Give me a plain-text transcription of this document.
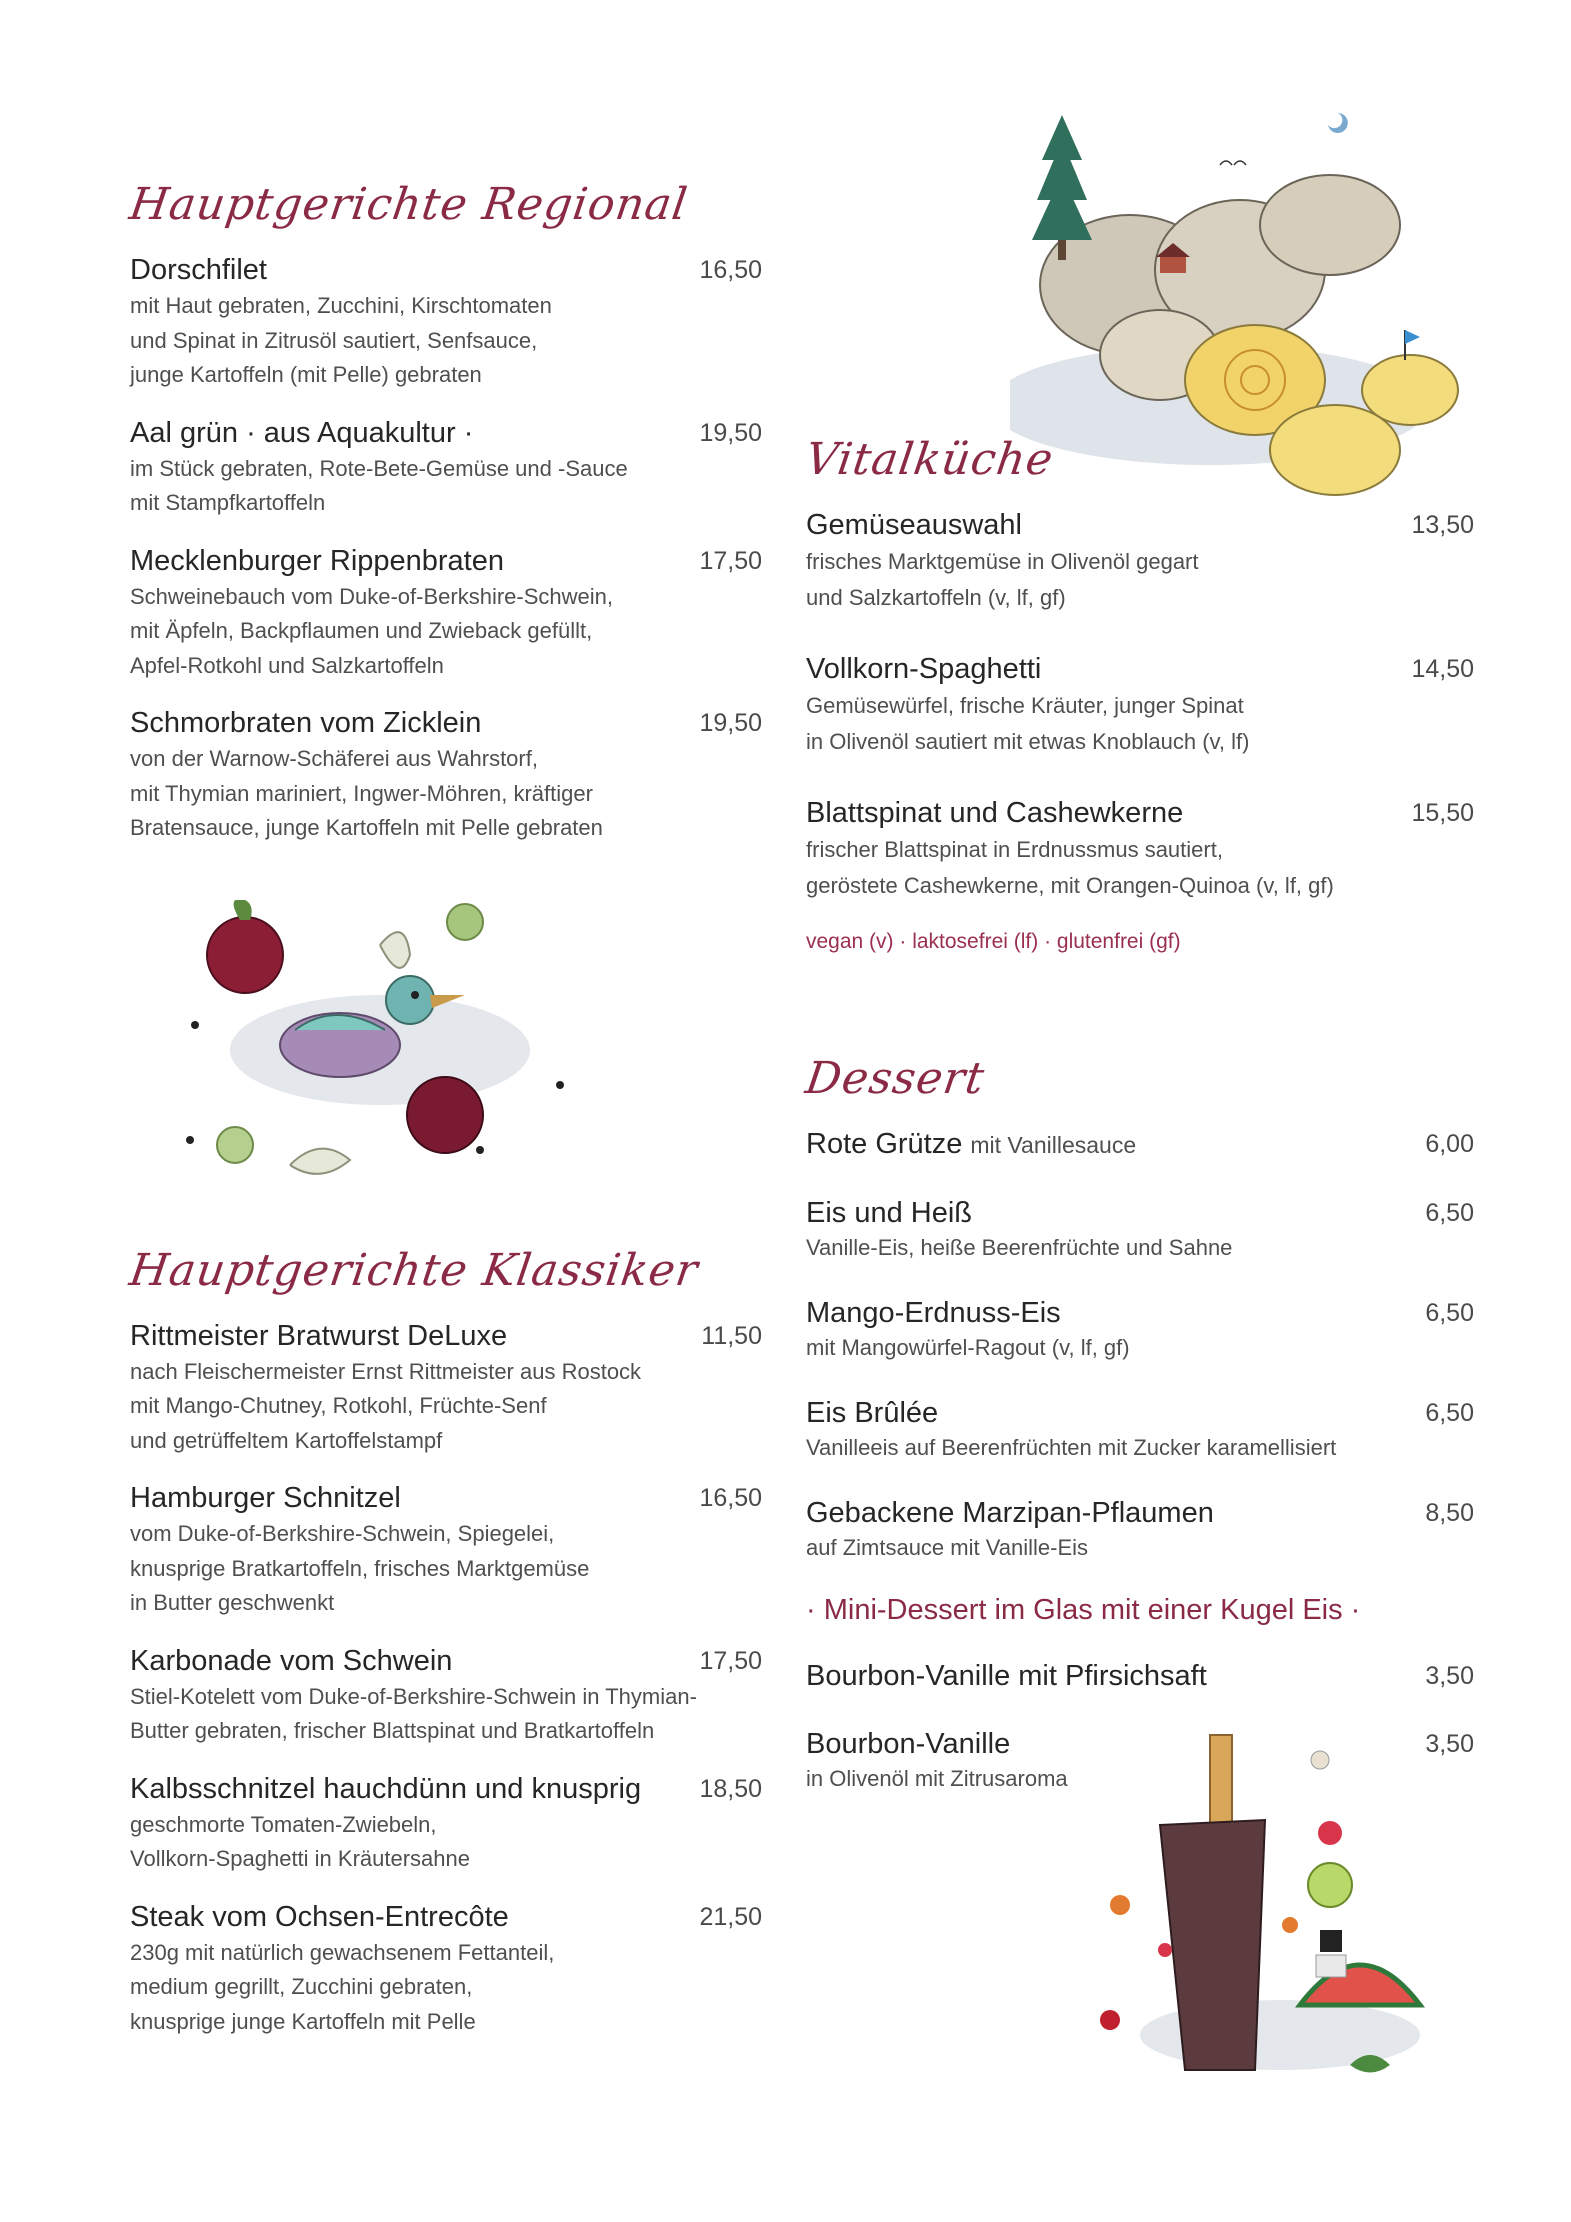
Hauptgerichte Regional
Dorschfilet	16,50
mit Haut gebraten, Zucchini, Kirschtomaten
und Spinat in Zitrusöl sautiert, Senfsauce,
junge Kartoffeln (mit Pelle) gebraten
Aal grün · aus Aquakultur ·	19,50
im Stück gebraten, Rote-Bete-Gemüse und -Sauce
mit Stampfkartoffeln
Mecklenburger Rippenbraten	17,50
Schweinebauch vom Duke-of-Berkshire-Schwein,
mit Äpfeln, Backpflaumen und Zwieback gefüllt,
Apfel-Rotkohl und Salzkartoffeln
Schmorbraten vom Zicklein	19,50
von der Warnow-Schäferei aus Wahrstorf,
mit Thymian mariniert, Ingwer-Möhren, kräftiger
Bratensauce, junge Kartoffeln mit Pelle gebraten
Hauptgerichte Klassiker
Rittmeister Bratwurst DeLuxe	11,50
nach Fleischermeister Ernst Rittmeister aus Rostock
mit Mango-Chutney, Rotkohl, Früchte-Senf
und getrüffeltem Kartoffelstampf
Hamburger Schnitzel	16,50
vom Duke-of-Berkshire-Schwein, Spiegelei,
knusprige Bratkartoffeln, frisches Marktgemüse
in Butter geschwenkt
Karbonade vom Schwein	17,50
Stiel-Kotelett vom Duke-of-Berkshire-Schwein in Thymian-
Butter gebraten, frischer Blattspinat und Bratkartoffeln
Kalbsschnitzel hauchdünn und knusprig	18,50
geschmorte Tomaten-Zwiebeln,
Vollkorn-Spaghetti in Kräutersahne
Steak vom Ochsen-Entrecôte	21,50
230g mit natürlich gewachsenem Fettanteil,
medium gegrillt, Zucchini gebraten,
knusprige junge Kartoffeln mit Pelle
Vitalküche
Gemüseauswahl	13,50
frisches Marktgemüse in Olivenöl gegart
und Salzkartoffeln (v, lf, gf)
Vollkorn-Spaghetti	14,50
Gemüsewürfel, frische Kräuter, junger Spinat
in Olivenöl sautiert mit etwas Knoblauch (v, lf)
Blattspinat und Cashewkerne	15,50
frischer Blattspinat in Erdnussmus sautiert,
geröstete Cashewkerne, mit Orangen-Quinoa (v, lf, gf)
vegan (v) · laktosefrei (lf) · glutenfrei (gf)
Dessert
Rote Grütze mit Vanillesauce	6,00
Eis und Heiß	6,50
Vanille-Eis, heiße Beerenfrüchte und Sahne
Mango-Erdnuss-Eis	6,50
mit Mangowürfel-Ragout (v, lf, gf)
Eis Brûlée	6,50
Vanilleeis auf Beerenfrüchten mit Zucker karamellisiert
Gebackene Marzipan-Pflaumen	8,50
auf Zimtsauce mit Vanille-Eis
· Mini-Dessert im Glas mit einer Kugel Eis ·
Bourbon-Vanille mit Pfirsichsaft	3,50
Bourbon-Vanille	3,50
in Olivenöl mit Zitrusaroma
